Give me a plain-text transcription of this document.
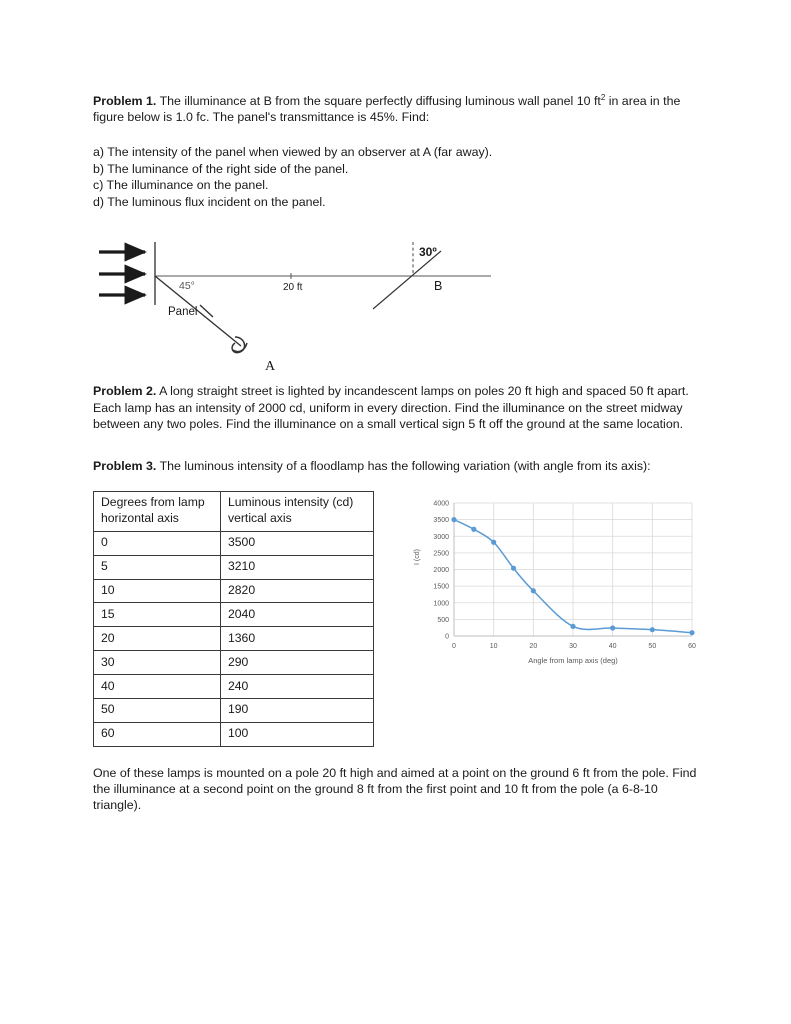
Problem 1. The illuminance at B from the square perfectly diffusing luminous wall panel 10 $ft^2$ in area in the figure below is 1.0 fc. The panel's transmittance is 45%. Find:

a) The intensity of the panel when viewed by an observer at A (far away).
b) The luminance of the right side of the panel.
c) The illuminance on the panel.
d) The luminous flux incident on the panel.
Panel
45°	20 ft
30º
B
A

Problem 2. A long straight street is lighted by incandescent lamps on poles 20 ft high and spaced 50 ft apart. Each lamp has an intensity of 2000 cd, uniform in every direction. Find the illuminance on the street midway between any two poles. Find the illuminance on a small vertical sign 5 ft off the ground at the same location.

Problem 3. The luminous intensity of a floodlamp has the following variation (with angle from its axis):

Degrees from lamp horizontal axis	Luminous intensity (cd) vertical axis
0	3500
5	3210
10	2820
15	2040
20	1360
30	290
40	240
50	190
60	100
I (cd)
0
500
1000
1500
2000
2500
3000
3500
4000
0	10	20	30	40	50	60
Angle from lamp axis (deg)

One of these lamps is mounted on a pole 20 ft high and aimed at a point on the ground 6 ft from the pole. Find the illuminance at a second point on the ground 8 ft from the first point and 10 ft from the pole (a 6-8-10 triangle).
